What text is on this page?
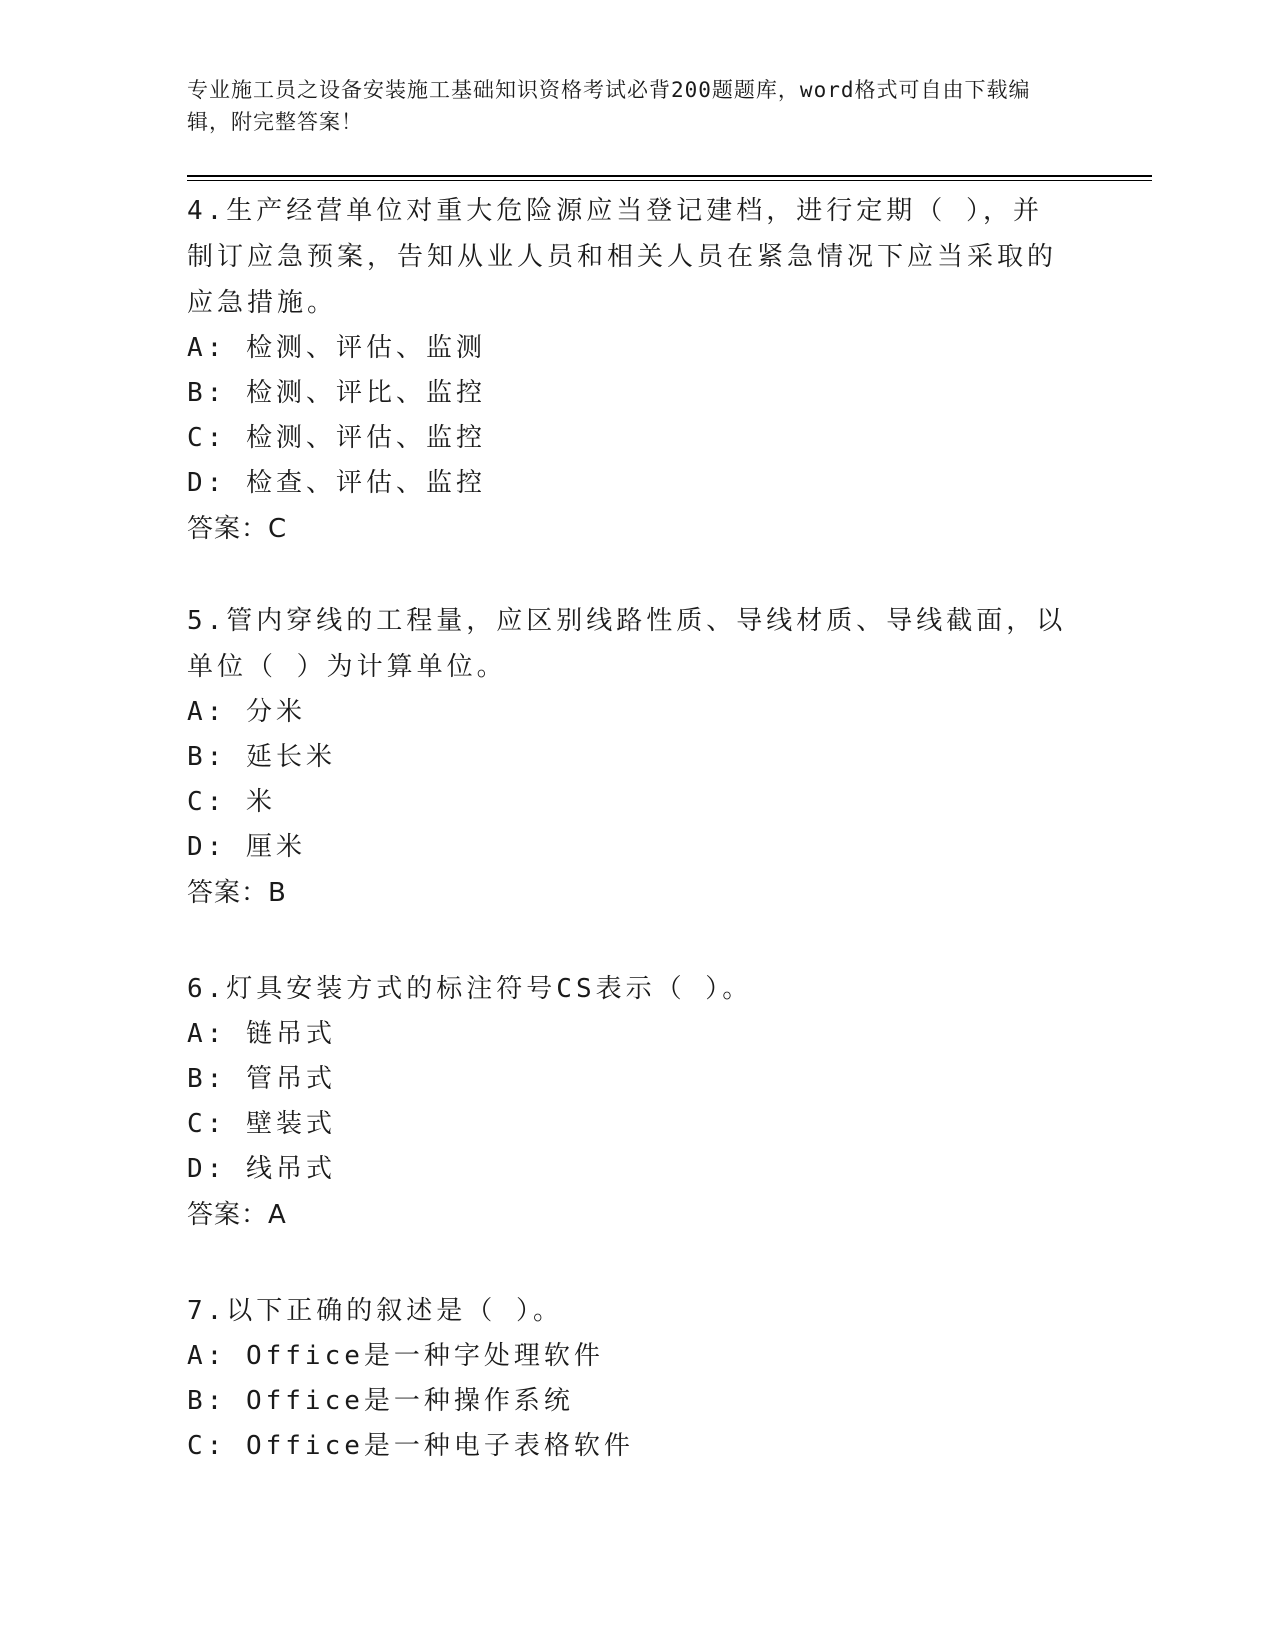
专业施工员之设备安装施工基础知识资格考试必背200题题库，word格式可自由下载编辑，附完整答案！

4.生产经营单位对重大危险源应当登记建档，进行定期（ ），并制订应急预案，告知从业人员和相关人员在紧急情况下应当采取的应急措施。

A: 检测、评估、监测

B: 检测、评比、监控

C: 检测、评估、监控

D: 检查、评估、监控

答案：C

5.管内穿线的工程量，应区别线路性质、导线材质、导线截面，以单位（ ）为计算单位。

A: 分米

B: 延长米

C: 米

D: 厘米

答案：B

6.灯具安装方式的标注符号CS表示（ ）。

A: 链吊式

B: 管吊式

C: 壁装式

D: 线吊式

答案：A

7.以下正确的叙述是（ ）。

A: Office是一种字处理软件

B: Office是一种操作系统

C: Office是一种电子表格软件
